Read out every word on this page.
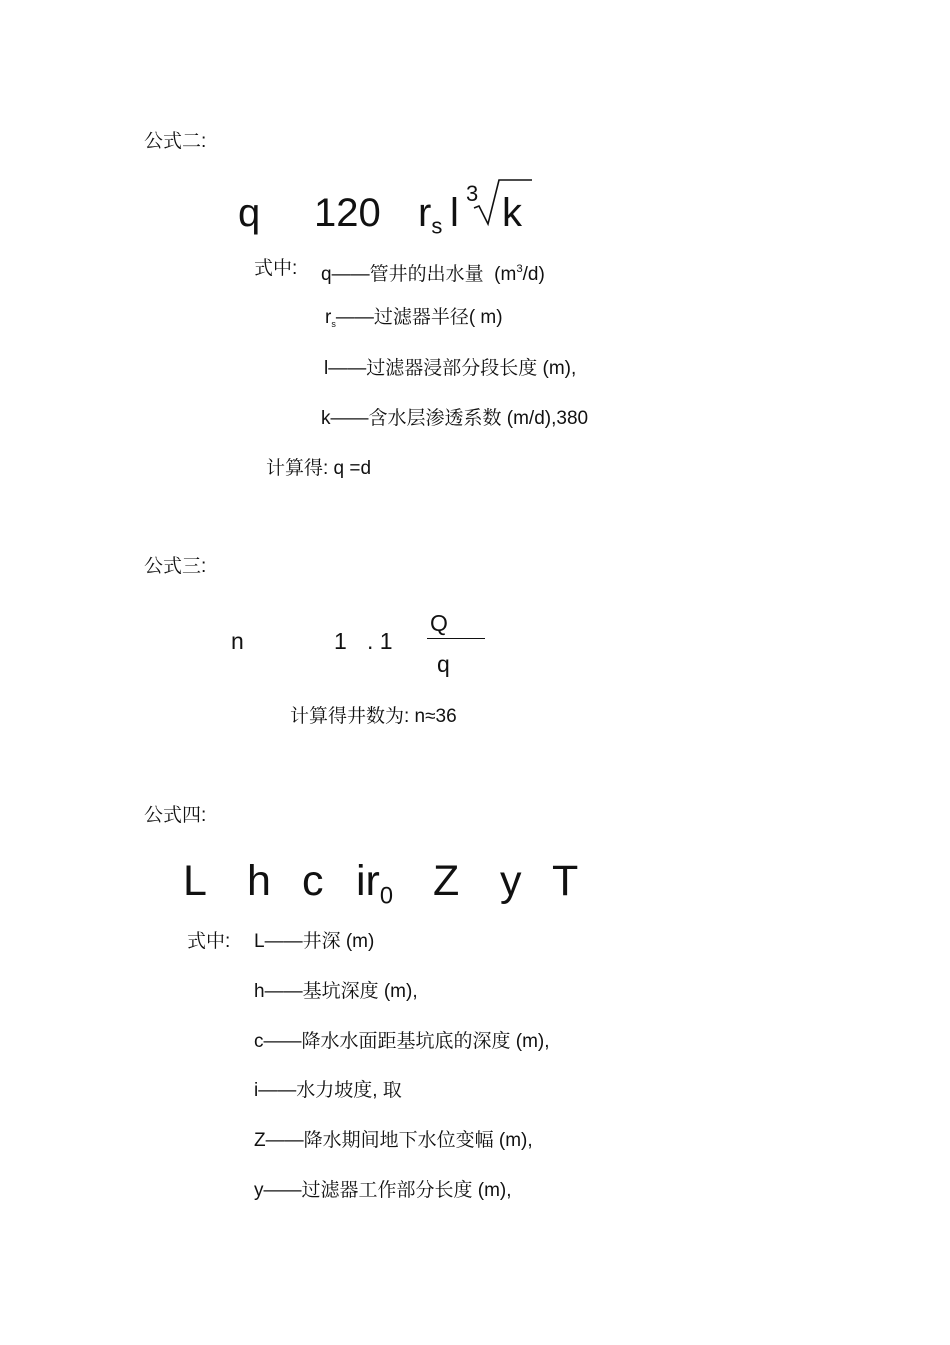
公式二:
q 120 $r_s$ l 3 k
式中: q——管井的出水量 $(m^3/d)$
$r_s——$过滤器半径( m)
l——过滤器浸部分段长度 (m),
k——含水层渗透系数 (m/d),380
计算得: q =d
公式三:
n	1 . 1
Q
q
计算得井数为: n≈36
公式四:
L h c $ir_0$ Z y T
式中: L——井深 (m)
h——基坑深度 (m),
c——降水水面距基坑底的深度 (m),
i——水力坡度, 取
Z——降水期间地下水位变幅 (m),
y——过滤器工作部分长度 (m),
